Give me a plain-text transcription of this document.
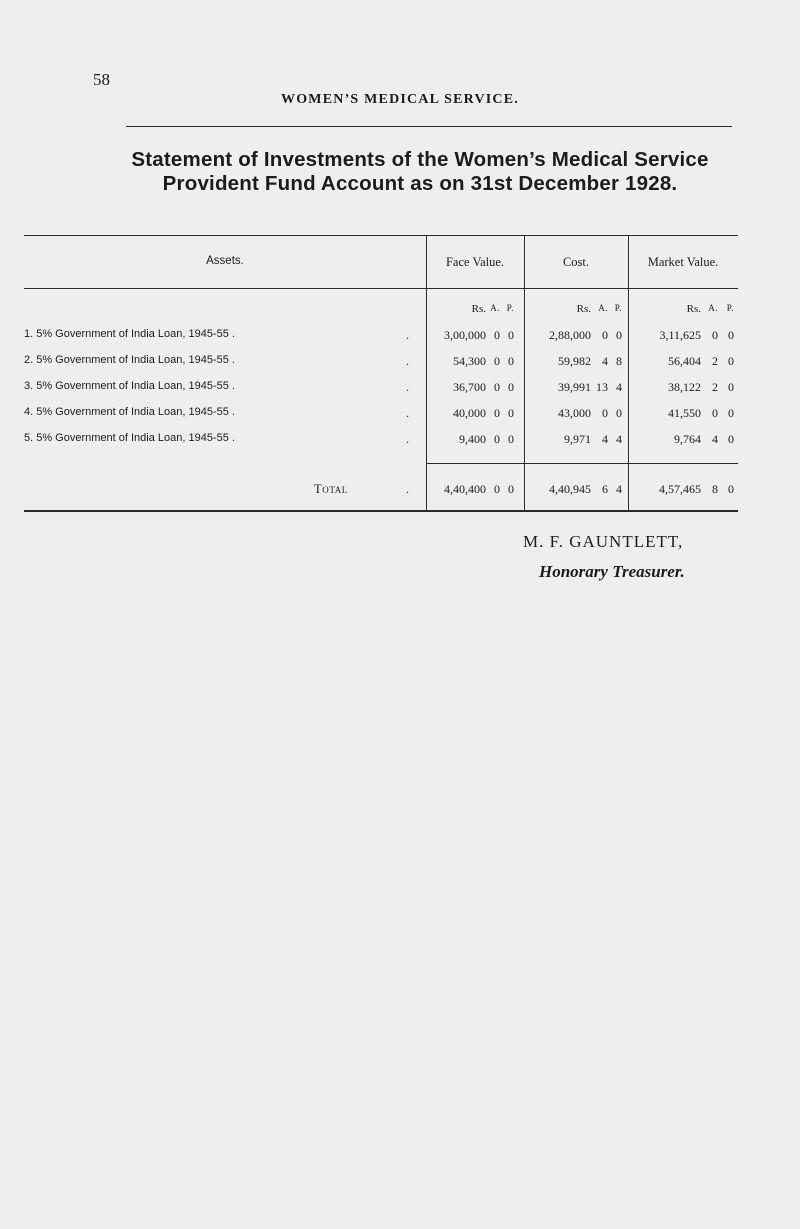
58
WOMEN’S MEDICAL SERVICE.
Statement of Investments of the Women’s Medical Service
Provident Fund Account as on 31st December 1928.
Assets.	Face Value.	Cost.	Market Value.
Rs. A. P.	Rs. A. P.	Rs. A. P.
1. 5% Government of India Loan, 1945-55 .	.	3,00,000 0 0	2,88,000 0 0	3,11,625 0 0
2. 5% Government of India Loan, 1945-55 .	.	54,300 0 0	59,982 4 8	56,404 2 0
3. 5% Government of India Loan, 1945-55 .	.	36,700 0 0	39,991 13 4	38,122 2 0
4. 5% Government of India Loan, 1945-55 .	.	40,000 0 0	43,000 0 0	41,550 0 0
5. 5% Government of India Loan, 1945-55 .	.	9,400 0 0	9,971 4 4	9,764 4 0
Total	.	4,40,400 0 0	4,40,945 6 4	4,57,465 8 0
M. F. GAUNTLETT,
Honorary Treasurer.
